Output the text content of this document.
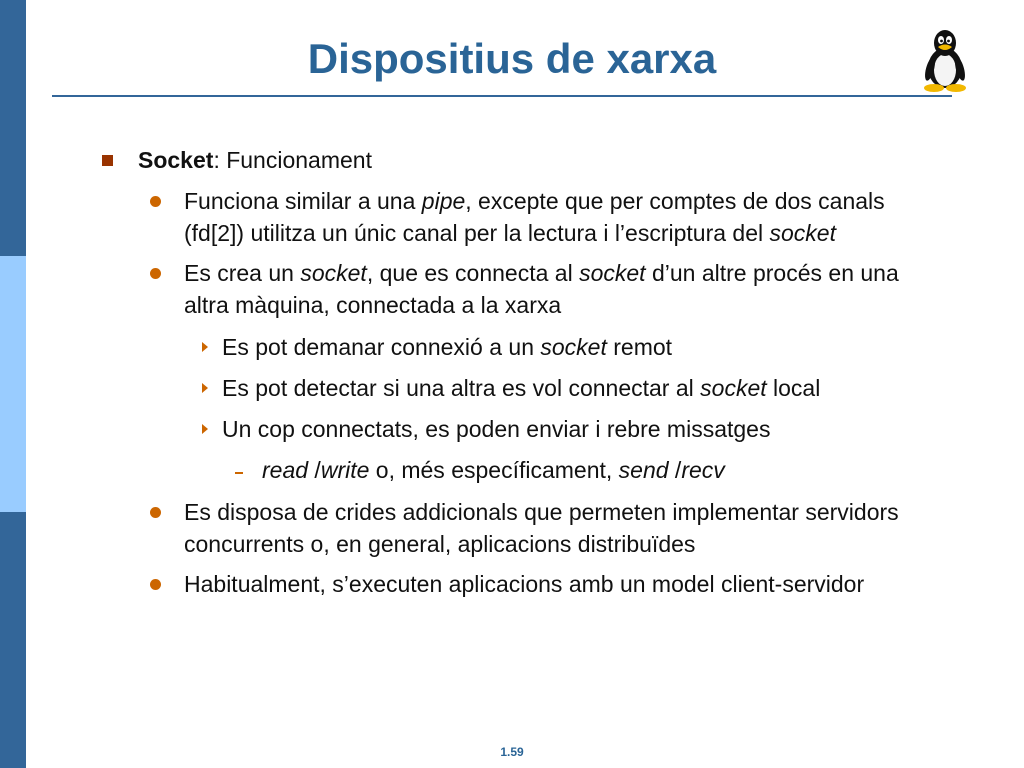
Dispositius de xarxa
Socket: Funcionament
Funciona similar a una pipe, excepte que per comptes de dos canals
(fd[2]) utilitza un únic canal per la lectura i l’escriptura del socket
Es crea un socket, que es connecta al socket d’un altre procés en una
altra màquina, connectada a la xarxa
Es pot demanar connexió a un socket remot
Es pot detectar si una altra es vol connectar al socket local
Un cop connectats, es poden enviar i rebre missatges
read /write o, més específicament, send /recv
Es disposa de crides addicionals que permeten implementar servidors
concurrents o, en general, aplicacions distribuïdes
Habitualment, s’executen aplicacions amb un model client-servidor
1.59
